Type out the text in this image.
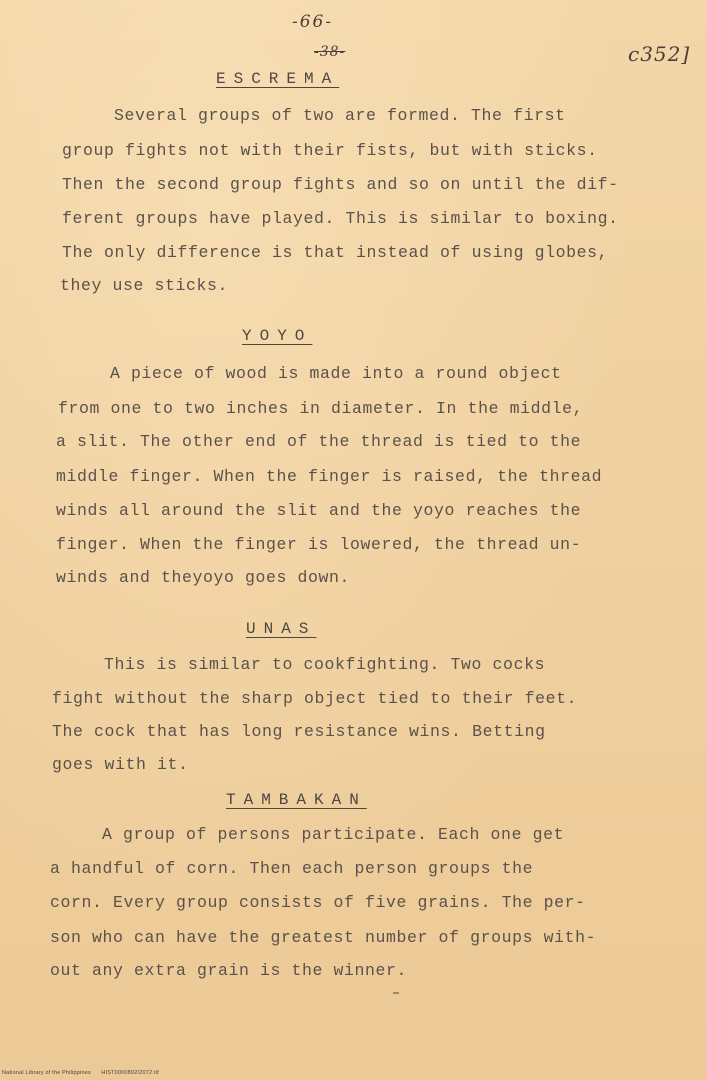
-66-
-38-	c352]
ESCREMA
Several groups of two are formed. The first
group fights not with their fists, but with sticks.
Then the second group fights and so on until the dif-
ferent groups have played. This is similar to boxing.
The only difference is that instead of using globes,
they use sticks.
YOYO
A piece of wood is made into a round object
from one to two inches in diameter. In the middle,
a slit. The other end of the thread is tied to the
middle finger. When the finger is raised, the thread
winds all around the slit and the yoyo reaches the
finger. When the finger is lowered, the thread un-
winds and theyoyo goes down.
UNAS
This is similar to cookfighting. Two cocks
fight without the sharp object tied to their feet.
The cock that has long resistance wins. Betting
goes with it.
TAMBAKAN
A group of persons participate. Each one get
a handful of corn. Then each person groups the
corn. Every group consists of five grains. The per-
son who can have the greatest number of groups with-
out any extra grain is the winner.
National Library of the Philippines HIST0000892/2072.tif
